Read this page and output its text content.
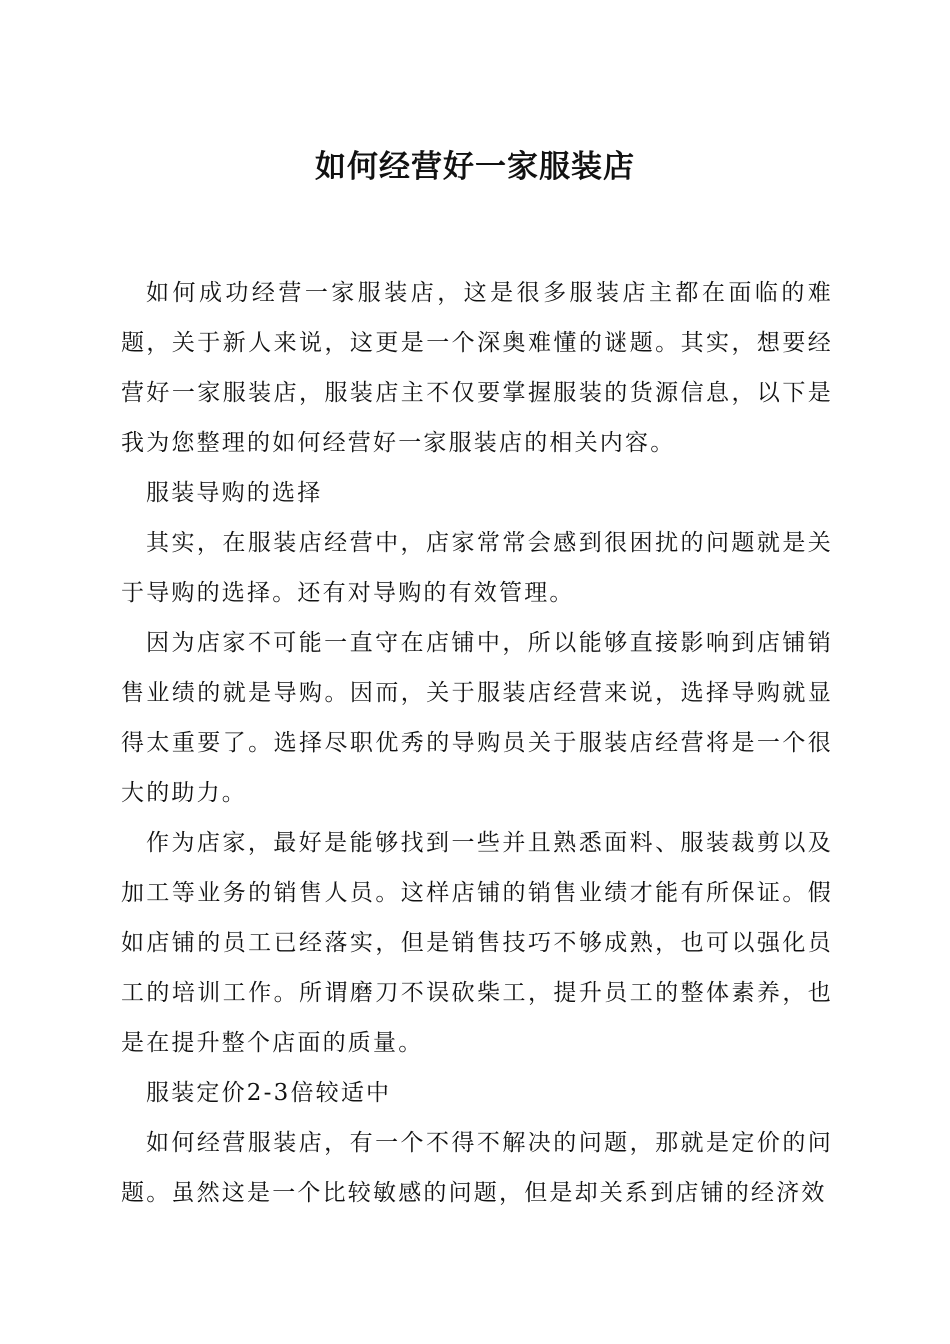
如何经营好一家服装店

如何成功经营一家服装店，这是很多服装店主都在面临的难题，关于新人来说，这更是一个深奥难懂的谜题。其实，想要经营好一家服装店，服装店主不仅要掌握服装的货源信息，以下是我为您整理的如何经营好一家服装店的相关内容。

服装导购的选择

其实，在服装店经营中，店家常常会感到很困扰的问题就是关于导购的选择。还有对导购的有效管理。

因为店家不可能一直守在店铺中，所以能够直接影响到店铺销售业绩的就是导购。因而，关于服装店经营来说，选择导购就显得太重要了。选择尽职优秀的导购员关于服装店经营将是一个很大的助力。

作为店家，最好是能够找到一些并且熟悉面料、服装裁剪以及加工等业务的销售人员。这样店铺的销售业绩才能有所保证。假如店铺的员工已经落实，但是销售技巧不够成熟，也可以强化员工的培训工作。所谓磨刀不误砍柴工，提升员工的整体素养，也是在提升整个店面的质量。

服装定价2-3倍较适中

如何经营服装店，有一个不得不解决的问题，那就是定价的问题。虽然这是一个比较敏感的问题，但是却关系到店铺的经济效
